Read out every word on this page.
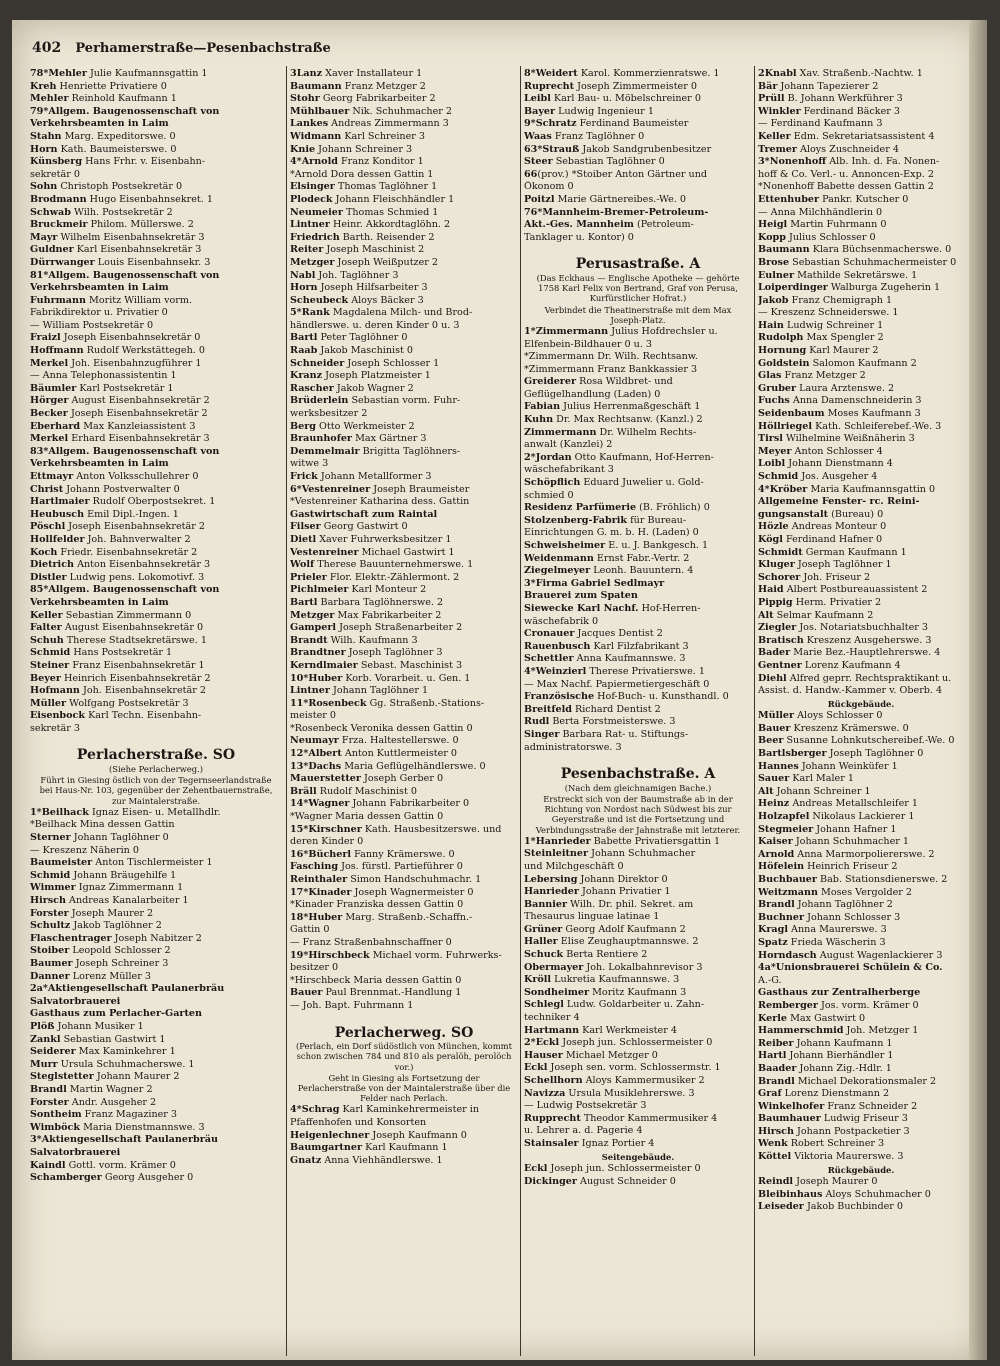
402 Perhamerstraße—Pesenbachstraße
78*Mehler Julie Kaufmannsgattin 1
Kreh Henriette Privatiere 0
Mehler Reinhold Kaufmann 1
79*Allgem. Baugenossenschaft von
Verkehrsbeamten in Laim
Stahn Marg. Expeditorswe. 0
Horn Kath. Baumeisterswe. 0
Künsberg Hans Frhr. v. Eisenbahn-
sekretär 0
Sohn Christoph Postsekretär 0
Brodmann Hugo Eisenbahnsekret. 1
Schwab Wilh. Postsekretär 2
Bruckmeir Philom. Müllerswe. 2
Mayr Wilhelm Eisenbahnsekretär 3
Guldner Karl Eisenbahnsekretär 3
Dürrwanger Louis Eisenbahnsekr. 3
81*Allgem. Baugenossenschaft von
Verkehrsbeamten in Laim
Fuhrmann Moritz William vorm.
Fabrikdirektor u. Privatier 0
— William Postsekretär 0
Fraizl Joseph Eisenbahnsekretär 0
Hoffmann Rudolf Werkstättegeh. 0
Merkel Joh. Eisenbahnzugführer 1
— Anna Telephonassistentin 1
Bäumler Karl Postsekretär 1
Hörger August Eisenbahnsekretär 2
Becker Joseph Eisenbahnsekretär 2
Eberhard Max Kanzleiassistent 3
Merkel Erhard Eisenbahnsekretär 3
83*Allgem. Baugenossenschaft von
Verkehrsbeamten in Laim
Ettmayr Anton Volksschullehrer 0
Christ Johann Postverwalter 0
Hartlmaier Rudolf Oberpostsekret. 1
Heubusch Emil Dipl.-Ingen. 1
Pöschl Joseph Eisenbahnsekretär 2
Hollfelder Joh. Bahnverwalter 2
Koch Friedr. Eisenbahnsekretär 2
Dietrich Anton Eisenbahnsekretär 3
Distler Ludwig pens. Lokomotivf. 3
85*Allgem. Baugenossenschaft von
Verkehrsbeamten in Laim
Keller Sebastian Zimmermann 0
Falter August Eisenbahnsekretär 0
Schuh Therese Stadtsekretärswe. 1
Schmid Hans Postsekretär 1
Steiner Franz Eisenbahnsekretär 1
Beyer Heinrich Eisenbahnsekretär 2
Hofmann Joh. Eisenbahnsekretär 2
Müller Wolfgang Postsekretär 3
Eisenbock Karl Techn. Eisenbahn-
sekretär 3
Perlacherstraße. SO
(Siehe Perlacherweg.)
Führt in Giesing östlich von der Tegernseerlandstraße bei Haus-Nr. 103, gegenüber der Zehentbauernstraße, zur Maintalerstraße.
1*Beilhack Ignaz Eisen- u. Metallhdlr.
*Beilhack Mina dessen Gattin
Sterner Johann Taglöhner 0
— Kreszenz Näherin 0
Baumeister Anton Tischlermeister 1
Schmid Johann Bräugehilfe 1
Wimmer Ignaz Zimmermann 1
Hirsch Andreas Kanalarbeiter 1
Forster Joseph Maurer 2
Schultz Jakob Taglöhner 2
Flaschentrager Joseph Nabitzer 2
Stoiber Leopold Schlosser 2
Baumer Joseph Schreiner 3
Danner Lorenz Müller 3
2a*Aktiengesellschaft Paulanerbräu
Salvatorbrauerei
Gasthaus zum Perlacher-Garten
Plöß Johann Musiker 1
Zankl Sebastian Gastwirt 1
Seiderer Max Kaminkehrer 1
Murr Ursula Schuhmacherswe. 1
Steglstetter Johann Maurer 2
Brandl Martin Wagner 2
Forster Andr. Ausgeher 2
Sontheim Franz Magaziner 3
Wimböck Maria Dienstmannswe. 3
3*Aktiengesellschaft Paulanerbräu
Salvatorbrauerei
Kaindl Gottl. vorm. Krämer 0
Schamberger Georg Ausgeher 0
3Lanz Xaver Installateur 1
Baumann Franz Metzger 2
Stohr Georg Fabrikarbeiter 2
Mühlbauer Nik. Schuhmacher 2
Lankes Andreas Zimmermann 3
Widmann Karl Schreiner 3
Knie Johann Schreiner 3
4*Arnold Franz Konditor 1
*Arnold Dora dessen Gattin 1
Elsinger Thomas Taglöhner 1
Plodeck Johann Fleischhändler 1
Neumeier Thomas Schmied 1
Lintner Heinr. Akkordtaglöhn. 2
Friedrich Barth. Reisender 2
Reiter Joseph Maschinist 2
Metzger Joseph Weißputzer 2
Nabl Joh. Taglöhner 3
Horn Joseph Hilfsarbeiter 3
Scheubeck Aloys Bäcker 3
5*Rank Magdalena Milch- und Brod-
händlerswe. u. deren Kinder 0 u. 3
Bartl Peter Taglöhner 0
Raab Jakob Maschinist 0
Schneider Joseph Schlosser 1
Kranz Joseph Platzmeister 1
Rascher Jakob Wagner 2
Brüderlein Sebastian vorm. Fuhr-
werksbesitzer 2
Berg Otto Werkmeister 2
Braunhofer Max Gärtner 3
Demmelmair Brigitta Taglöhners-
witwe 3
Frick Johann Metallformer 3
6*Vestenreiner Joseph Braumeister
*Vestenreiner Katharina dess. Gattin
Gastwirtschaft zum Raintal
Filser Georg Gastwirt 0
Dietl Xaver Fuhrwerksbesitzer 1
Vestenreiner Michael Gastwirt 1
Wolf Therese Bauunternehmerswe. 1
Prieler Flor. Elektr.-Zählermont. 2
Pichlmeier Karl Monteur 2
Bartl Barbara Taglöhnerswe. 2
Metzger Max Fabrikarbeiter 2
Gamperl Joseph Straßenarbeiter 2
Brandt Wilh. Kaufmann 3
Brandtner Joseph Taglöhner 3
Kerndlmaier Sebast. Maschinist 3
10*Huber Korb. Vorarbeit. u. Gen. 1
Lintner Johann Taglöhner 1
11*Rosenbeck Gg. Straßenb.-Stations-
meister 0
*Rosenbeck Veronika dessen Gattin 0
Neumayr Frza. Haltestellerswe. 0
12*Albert Anton Kuttlermeister 0
13*Dachs Maria Geflügelhändlerswe. 0
Mauerstetter Joseph Gerber 0
Bräll Rudolf Maschinist 0
14*Wagner Johann Fabrikarbeiter 0
*Wagner Maria dessen Gattin 0
15*Kirschner Kath. Hausbesitzerswe. und
deren Kinder 0
16*Bücherl Fanny Krämerswe. 0
Fasching Jos. fürstl. Partieführer 0
Reinthaler Simon Handschuhmachr. 1
17*Kinader Joseph Wagnermeister 0
*Kinader Franziska dessen Gattin 0
18*Huber Marg. Straßenb.-Schaffn.-
Gattin 0
— Franz Straßenbahnschaffner 0
19*Hirschbeck Michael vorm. Fuhrwerks-
besitzer 0
*Hirschbeck Maria dessen Gattin 0
Bauer Paul Brennmat.-Handlung 1
— Joh. Bapt. Fuhrmann 1
Perlacherweg. SO
(Perlach, ein Dorf südöstlich von München, kommt schon zwischen 784 und 810 als peralöh, perolöch vor.)
Geht in Giesing als Fortsetzung der Perlacherstraße von der Maintalerstraße über die Felder nach Perlach.
4*Schrag Karl Kaminkehrermeister in
Pfaffenhofen und Konsorten
Heigenlechner Joseph Kaufmann 0
Baumgartner Karl Kaufmann 1
Gnatz Anna Viehhändlerswe. 1
8*Weidert Karol. Kommerzienratswe. 1
Ruprecht Joseph Zimmermeister 0
Leibl Karl Bau- u. Möbelschreiner 0
Bayer Ludwig Ingenieur 1
9*Schratz Ferdinand Baumeister
Waas Franz Taglöhner 0
63*Strauß Jakob Sandgrubenbesitzer
Steer Sebastian Taglöhner 0
66(prov.) *Stoiber Anton Gärtner und
Ökonom 0
Poitzl Marie Gärtnereibes.-We. 0
76*Mannheim-Bremer-Petroleum-
Akt.-Ges. Mannheim (Petroleum-
Tanklager u. Kontor) 0
Perusastraße. A
(Das Eckhaus — Englische Apotheke — gehörte 1758 Karl Felix von Bertrand, Graf von Perusa, Kurfürstlicher Hofrat.)
Verbindet die Theatinerstraße mit dem Max Joseph-Platz.
1*Zimmermann Julius Hofdrechsler u.
Elfenbein-Bildhauer 0 u. 3
*Zimmermann Dr. Wilh. Rechtsanw.
*Zimmermann Franz Bankkassier 3
Greiderer Rosa Wildbret- und
Geflügelhandlung (Laden) 0
Fabian Julius Herrenmaßgeschäft 1
Kuhn Dr. Max Rechtsanw. (Kanzl.) 2
Zimmermann Dr. Wilhelm Rechts-
anwalt (Kanzlei) 2
2*Jordan Otto Kaufmann, Hof-Herren-
wäschefabrikant 3
Schöpflich Eduard Juwelier u. Gold-
schmied 0
Residenz Parfümerie (B. Fröhlich) 0
Stolzenberg-Fabrik für Bureau-
Einrichtungen G. m. b. H. (Laden) 0
Schweisheimer E. u. J. Bankgesch. 1
Weidenmann Ernst Fabr.-Vertr. 2
Ziegelmeyer Leonh. Bauuntern. 4
3*Firma Gabriel Sedlmayr
Brauerei zum Spaten
Siewecke Karl Nachf. Hof-Herren-
wäschefabrik 0
Cronauer Jacques Dentist 2
Rauenbusch Karl Filzfabrikant 3
Schettler Anna Kaufmannswe. 3
4*Weinzierl Therese Privatierswe. 1
— Max Nachf. Papiermetiergeschäft 0
Französische Hof-Buch- u. Kunsthandl. 0
Breitfeld Richard Dentist 2
Rudl Berta Forstmeisterswe. 3
Singer Barbara Rat- u. Stiftungs-
administratorswe. 3
Pesenbachstraße. A
(Nach dem gleichnamigen Bache.)
Erstreckt sich von der Baumstraße ab in der Richtung von Nordost nach Südwest bis zur Geyerstraße und ist die Fortsetzung und Verbindungsstraße der Jahnstraße mit letzterer.
1*Hanrieder Babette Privatiersgattin 1
Steinleitner Johann Schuhmacher
und Milchgeschäft 0
Lebersing Johann Direktor 0
Hanrieder Johann Privatier 1
Bannier Wilh. Dr. phil. Sekret. am
Thesaurus linguae latinae 1
Grüner Georg Adolf Kaufmann 2
Haller Elise Zeughauptmannswe. 2
Schuck Berta Rentiere 2
Obermayer Joh. Lokalbahnrevisor 3
Kröll Lukretia Kaufmannswe. 3
Sondheimer Moritz Kaufmann 3
Schlegl Ludw. Goldarbeiter u. Zahn-
techniker 4
Hartmann Karl Werkmeister 4
2*Eckl Joseph jun. Schlossermeister 0
Hauser Michael Metzger 0
Eckl Joseph sen. vorm. Schlossermstr. 1
Schellhorn Aloys Kammermusiker 2
Navizza Ursula Musiklehrerswe. 3
— Ludwig Postsekretär 3
Rupprecht Theodor Kammermusiker 4
u. Lehrer a. d. Pagerie 4
Stainsaler Ignaz Portier 4
Seitengebäude.
Eckl Joseph jun. Schlossermeister 0
Dickinger August Schneider 0
2Knabl Xav. Straßenb.-Nachtw. 1
Bär Johann Tapezierer 2
Prüll B. Johann Werkführer 3
Winkler Ferdinand Bäcker 3
— Ferdinand Kaufmann 3
Keller Edm. Sekretariatsassistent 4
Tremer Aloys Zuschneider 4
3*Nonenhoff Alb. Inh. d. Fa. Nonen-
hoff & Co. Verl.- u. Annoncen-Exp. 2
*Nonenhoff Babette dessen Gattin 2
Ettenhuber Pankr. Kutscher 0
— Anna Milchhändlerin 0
Heigl Martin Fuhrmann 0
Kopp Julius Schlosser 0
Baumann Klara Büchsenmacherswe. 0
Brose Sebastian Schuhmachermeister 0
Eulner Mathilde Sekretärswe. 1
Loiperdinger Walburga Zugeherin 1
Jakob Franz Chemigraph 1
— Kreszenz Schneiderswe. 1
Hain Ludwig Schreiner 1
Rudolph Max Spengler 2
Hornung Karl Maurer 2
Goldstein Salomon Kaufmann 2
Glas Franz Metzger 2
Gruber Laura Arztenswe. 2
Fuchs Anna Damenschneiderin 3
Seidenbaum Moses Kaufmann 3
Höllriegel Kath. Schleiferebef.-We. 3
Tirsl Wilhelmine Weißnäherin 3
Meyer Anton Schlosser 4
Loibl Johann Dienstmann 4
Schmid Jos. Ausgeher 4
4*Kröber Maria Kaufmannsgattin 0
Allgemeine Fenster- rc. Reini-
gungsanstalt (Bureau) 0
Hözle Andreas Monteur 0
Kögl Ferdinand Hafner 0
Schmidt German Kaufmann 1
Kluger Joseph Taglöhner 1
Schorer Joh. Friseur 2
Haid Albert Postbureauassistent 2
Pippig Herm. Privatier 2
Alt Selmar Kaufmann 2
Ziegler Jos. Notariatsbuchhalter 3
Bratisch Kreszenz Ausgeherswe. 3
Bader Marie Bez.-Hauptlehrerswe. 4
Gentner Lorenz Kaufmann 4
Diehl Alfred geprr. Rechtspraktikant u.
Assist. d. Handw.-Kammer v. Oberb. 4
Rückgebäude.
Müller Aloys Schlosser 0
Bauer Kreszenz Krämerswe. 0
Beer Susanne Lohnkutschereibef.-We. 0
Bartlsberger Joseph Taglöhner 0
Hannes Johann Weinküfer 1
Sauer Karl Maler 1
Alt Johann Schreiner 1
Heinz Andreas Metallschleifer 1
Holzapfel Nikolaus Lackierer 1
Stegmeier Johann Hafner 1
Kaiser Johann Schuhmacher 1
Arnold Anna Marmorpoliererswe. 2
Höfelein Heinrich Friseur 2
Buchbauer Bab. Stationsdienerswe. 2
Weitzmann Moses Vergolder 2
Brandl Johann Taglöhner 2
Buchner Johann Schlosser 3
Kragl Anna Maurerswe. 3
Spatz Frieda Wäscherin 3
Horndasch August Wagenlackierer 3
4a*Unionsbrauerei Schülein & Co.
A.-G.
Gasthaus zur Zentralherberge
Remberger Jos. vorm. Krämer 0
Kerle Max Gastwirt 0
Hammerschmid Joh. Metzger 1
Reiber Johann Kaufmann 1
Hartl Johann Bierhändler 1
Baader Johann Zig.-Hdlr. 1
Brandl Michael Dekorationsmaler 2
Graf Lorenz Dienstmann 2
Winkelhofer Franz Schneider 2
Baumhauer Ludwig Friseur 3
Hirsch Johann Postpacketier 3
Wenk Robert Schreiner 3
Köttel Viktoria Maurerswe. 3
Rückgebäude.
Reindl Joseph Maurer 0
Bleibinhaus Aloys Schuhmacher 0
Leiseder Jakob Buchbinder 0
